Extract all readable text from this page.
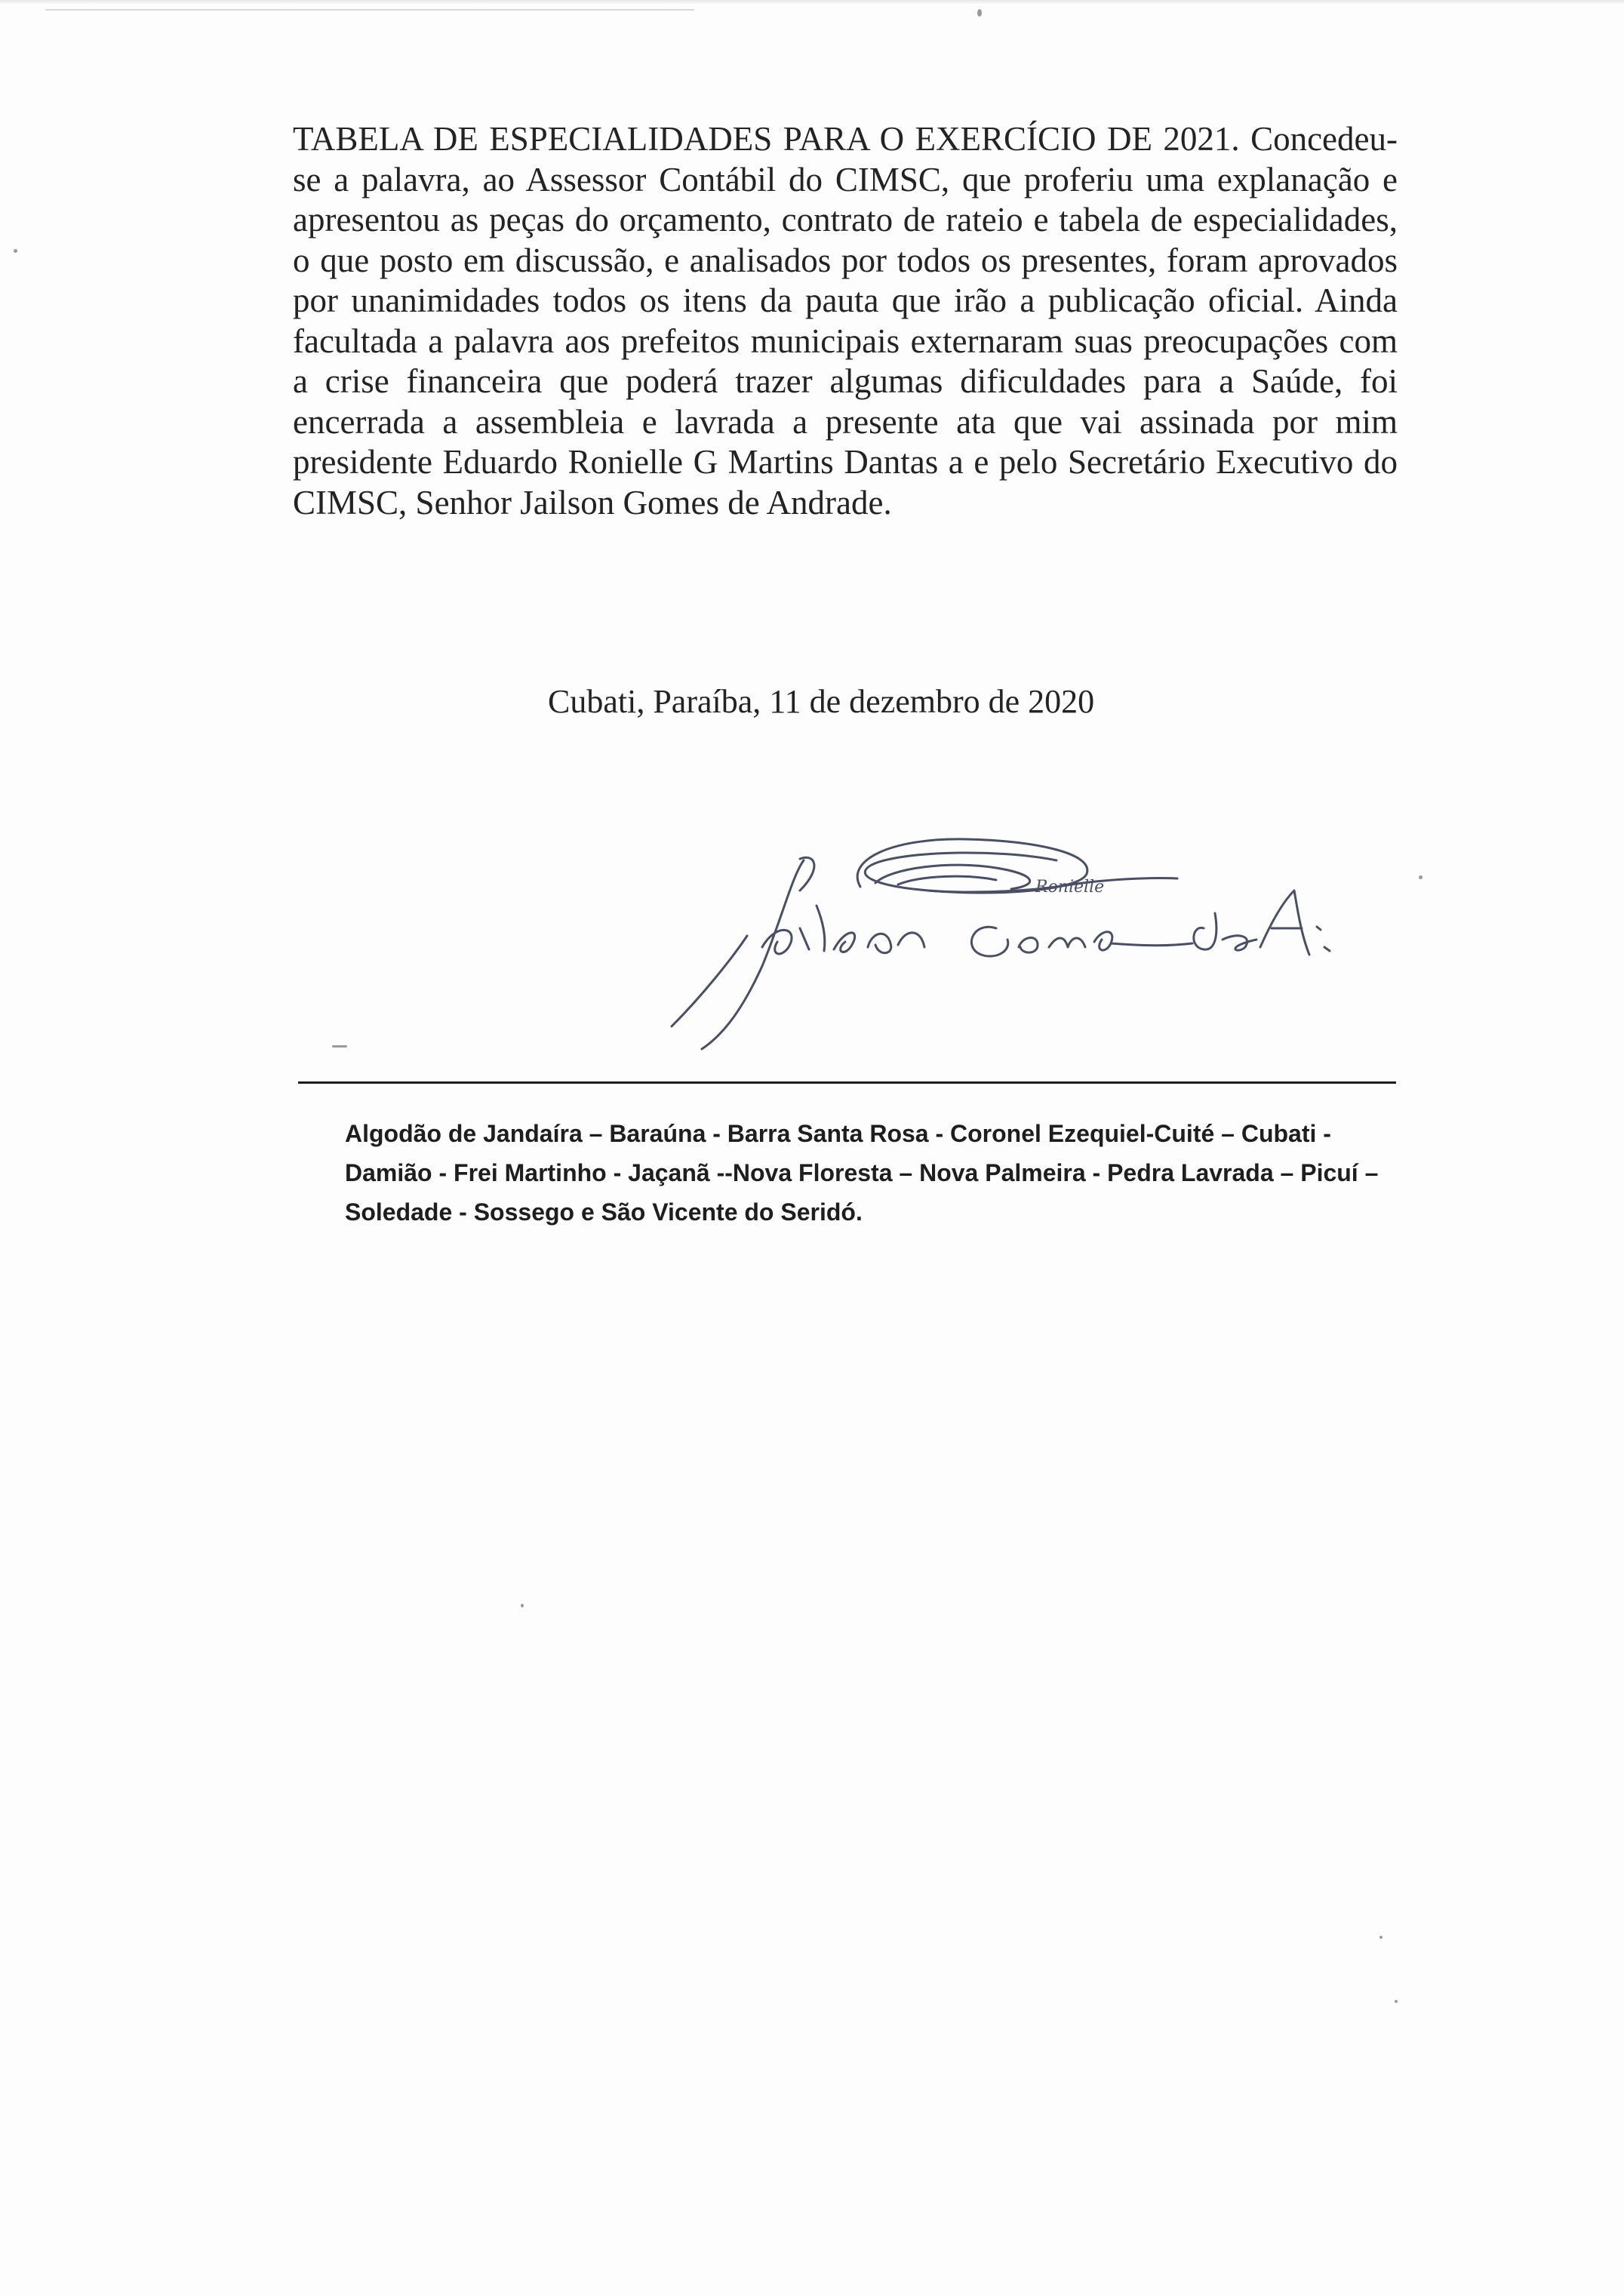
TABELA DE ESPECIALIDADES PARA O EXERCÍCIO DE 2021. Concedeu-se a palavra, ao Assessor Contábil do CIMSC, que proferiu uma explanação e apresentou as peças do orçamento, contrato de rateio e tabela de especialidades, o que posto em discussão, e analisados por todos os presentes, foram aprovados por unanimidades todos os itens da pauta que irão a publicação oficial. Ainda facultada a palavra aos prefeitos municipais externaram suas preocupações com a crise financeira que poderá trazer algumas dificuldades para a Saúde, foi encerrada a assembleia e lavrada a presente ata que vai assinada por mim presidente Eduardo Ronielle G Martins Dantas a e pelo Secretário Executivo do CIMSC, Senhor Jailson Gomes de Andrade.

Cubati, Paraíba, 11 de dezembro de 2020

Ronielle

Algodão de Jandaíra – Baraúna - Barra Santa Rosa - Coronel Ezequiel-Cuité – Cubati - Damião - Frei Martinho - Jaçanã --Nova Floresta – Nova Palmeira - Pedra Lavrada – Picuí – Soledade - Sossego e São Vicente do Seridó.
